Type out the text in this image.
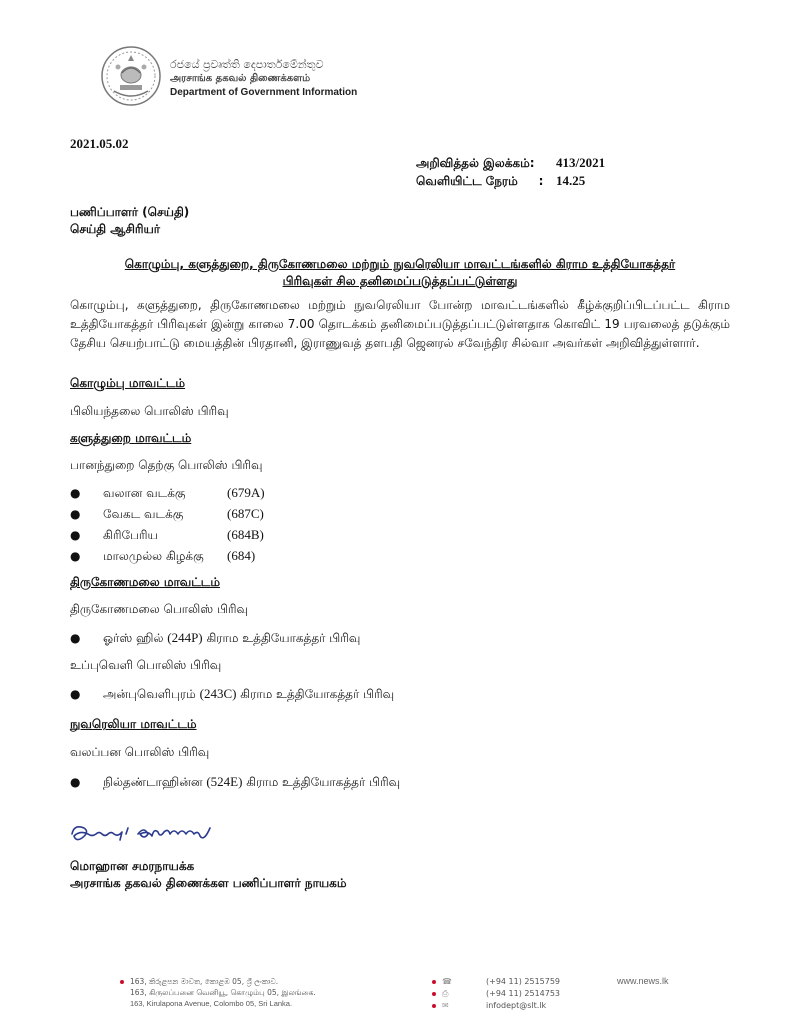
රජයේ ප්‍රවෘත්ති දෙපාර්තමේන්තුව
அரசாங்க தகவல் திணைக்களம்
Department of Government Information
2021.05.02
அறிவித்தல் இலக்கம்:	413/2021
வெளியிட்ட நேரம் : 14.25
பணிப்பாளர் (செய்தி)
செய்தி ஆசிரியர்
கொழும்பு, களுத்துறை, திருகோணமலை மற்றும் நுவரெலியா மாவட்டங்களில் கிராம உத்தியோகத்தர்
பிரிவுகள் சில தனிமைப்படுத்தப்பட்டுள்ளது
கொழும்பு, களுத்துறை, திருகோணமலை மற்றும் நுவரெலியா போன்ற மாவட்டங்களில் கீழ்க்குறிப்பிடப்பட்ட கிராம உத்தியோகத்தர் பிரிவுகள் இன்று காலை 7.00 தொடக்கம் தனிமைப்படுத்தப்பட்டுள்ளதாக கொவிட் 19 பரவலைத் தடுக்கும் தேசிய செயற்பாட்டு மையத்தின் பிரதானி, இராணுவத் தளபதி ஜெனரல் சவேந்திர சில்வா அவர்கள் அறிவித்துள்ளார்.
கொழும்பு மாவட்டம்
பிலியந்தலை பொலிஸ் பிரிவு
களுத்துறை மாவட்டம்
பானந்துறை தெற்கு பொலிஸ் பிரிவு
●	வலான வடக்கு	(679A)
●	வேகட வடக்கு	(687C)
●	கிரிபேரிய	(684B)
●	மாலமுல்ல கிழக்கு	(684)
திருகோணமலை மாவட்டம்
திருகோணமலை பொலிஸ் பிரிவு
●	ஓர்ஸ் ஹில் (244P) கிராம உத்தியோகத்தர் பிரிவு
உப்புவெளி பொலிஸ் பிரிவு
●	அன்புவெளிபுரம் (243C) கிராம உத்தியோகத்தர் பிரிவு
நுவரெலியா மாவட்டம்
வலப்பன பொலிஸ் பிரிவு
●	நில்தண்டாஹின்ன (524E) கிராம உத்தியோகத்தர் பிரிவு
மொஹான சமரநாயக்க
அரசாங்க தகவல் திணைக்கள பணிப்பாளர் நாயகம்
163, කිරුළපන මාවත, කොළඹ 05, ශ්‍රී ලංකාව.
163, கிருலப்பனை வெனியூ, கொழும்பு 05, இலங்கை.
163, Kirulapona Avenue, Colombo 05, Sri Lanka.
☎	(+94 11) 2515759
⎙	(+94 11) 2514753
✉	infodept@slt.lk
www.news.lk
